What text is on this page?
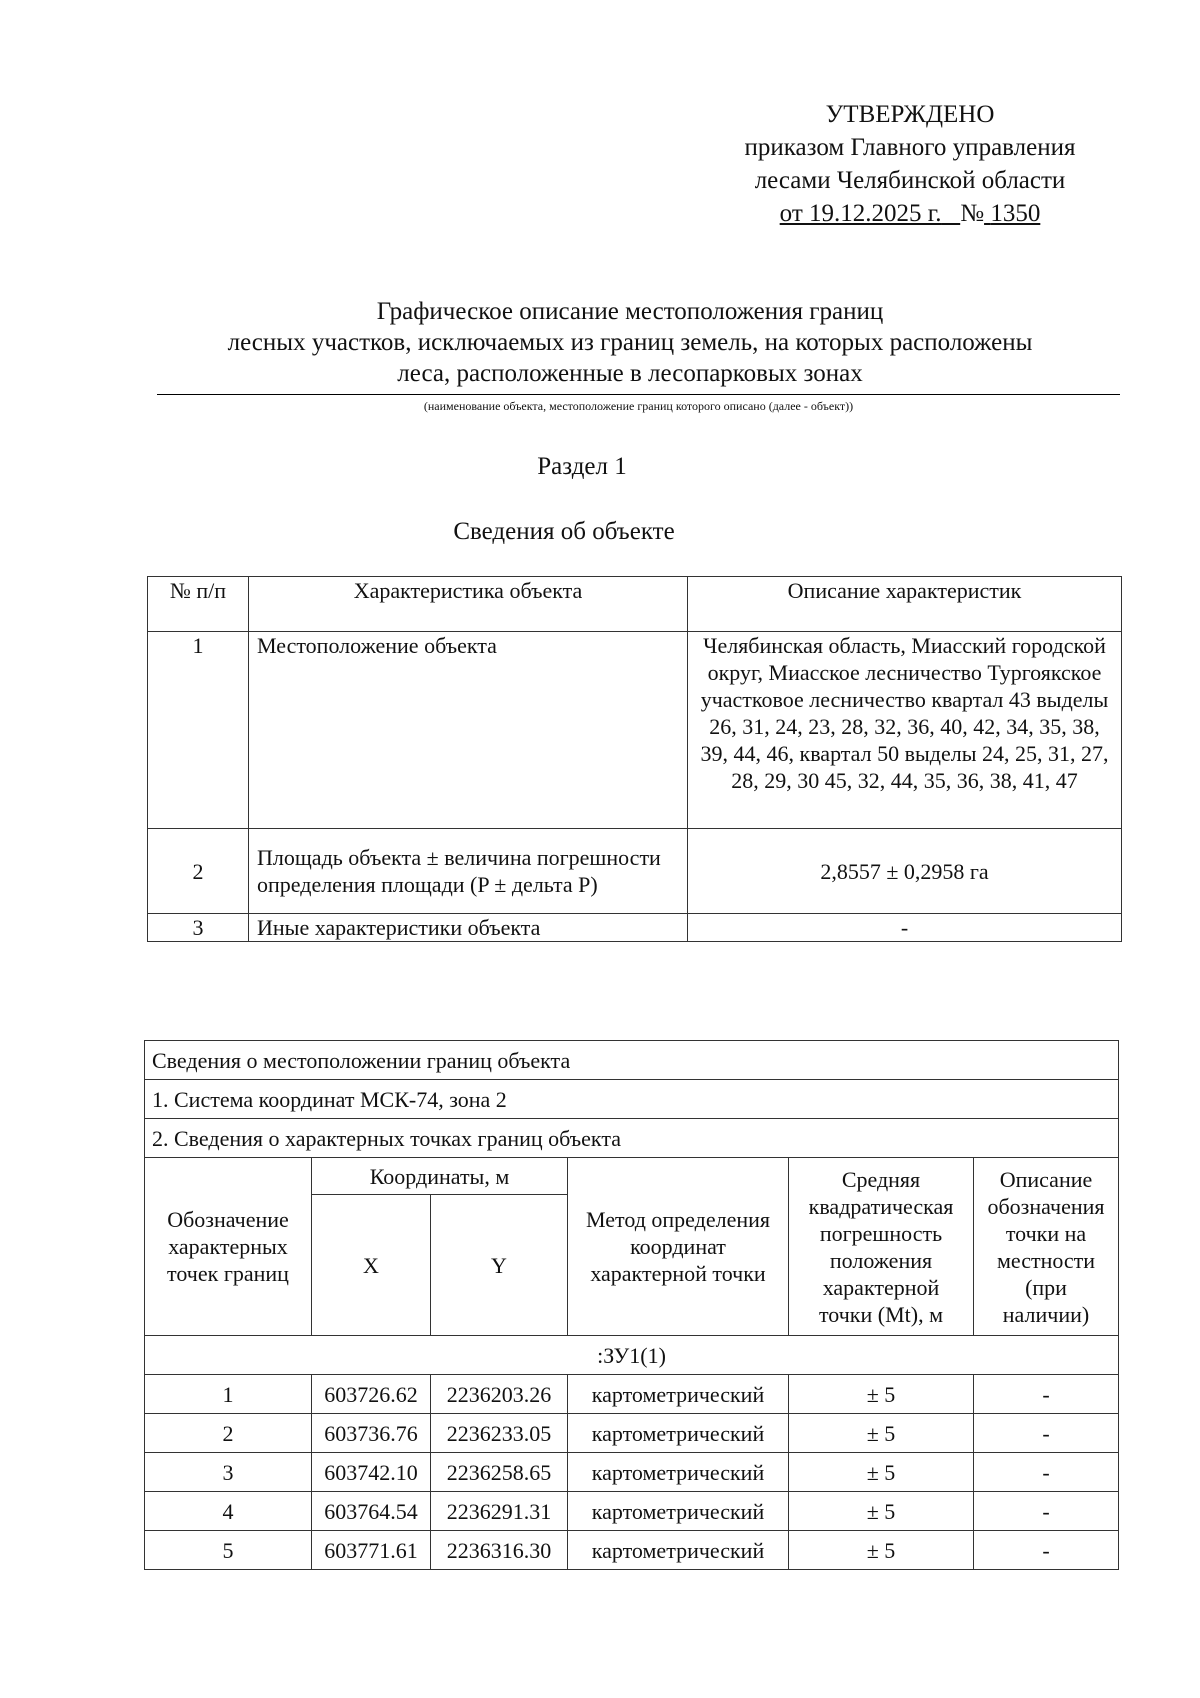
УТВЕРЖДЕНО
приказом Главного управления
лесами Челябинской области
от 19.12.2025 г. № 1350
Графическое описание местоположения границ
лесных участков, исключаемых из границ земель, на которых расположены
леса, расположенные в лесопарковых зонах
(наименование объекта, местоположение границ которого описано (далее - объект))
Раздел 1
Сведения об объекте
№ п/п	Характеристика объекта	Описание характеристик
1	Местоположение объекта	Челябинская область, Миасский городской округ, Миасское лесничество Тургоякское участковое лесничество квартал 43 выделы 26, 31, 24, 23, 28, 32, 36, 40, 42, 34, 35, 38, 39, 44, 46, квартал 50 выделы 24, 25, 31, 27, 28, 29, 30 45, 32, 44, 35, 36, 38, 41, 47
2	Площадь объекта ± величина погрешности определения площади (P ± дельта P)	2,8557 ± 0,2958 га
3	Иные характеристики объекта	-
Сведения о местоположении границ объекта					
1. Система координат МСК-74, зона 2					
2. Сведения о характерных точках границ объекта					
Обозначение характерных точек границ	Координаты, м		Метод определения координат характерной точки	Средняя квадратическая погрешность положения характерной точки (Mt), м	Описание обозначения точки на местности (при наличии)
	X	Y			
:ЗУ1(1)					
1	603726.62	2236203.26	картометрический	± 5	-
2	603736.76	2236233.05	картометрический	± 5	-
3	603742.10	2236258.65	картометрический	± 5	-
4	603764.54	2236291.31	картометрический	± 5	-
5	603771.61	2236316.30	картометрический	± 5	-
